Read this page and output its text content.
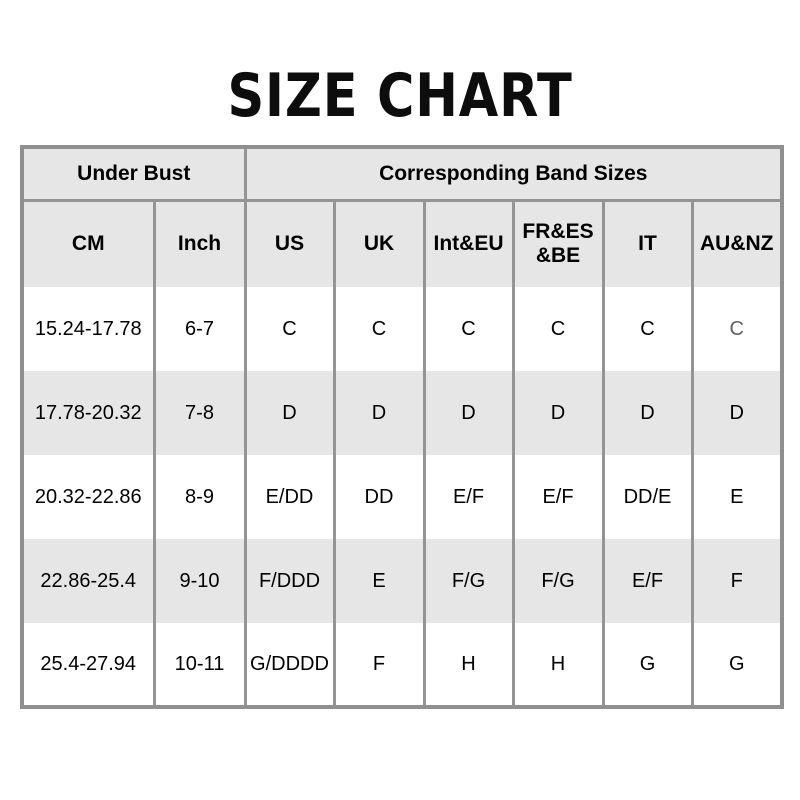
SIZE CHART
Under Bust		Corresponding Band Sizes					
CM	Inch	US	UK	Int&EU	FR&ES &BE	IT	AU&NZ
15.24-17.78	6-7	C	C	C	C	C	C
17.78-20.32	7-8	D	D	D	D	D	D
20.32-22.86	8-9	E/DD	DD	E/F	E/F	DD/E	E
22.86-25.4	9-10	F/DDD	E	F/G	F/G	E/F	F
25.4-27.94	10-11	G/DDDD	F	H	H	G	G
